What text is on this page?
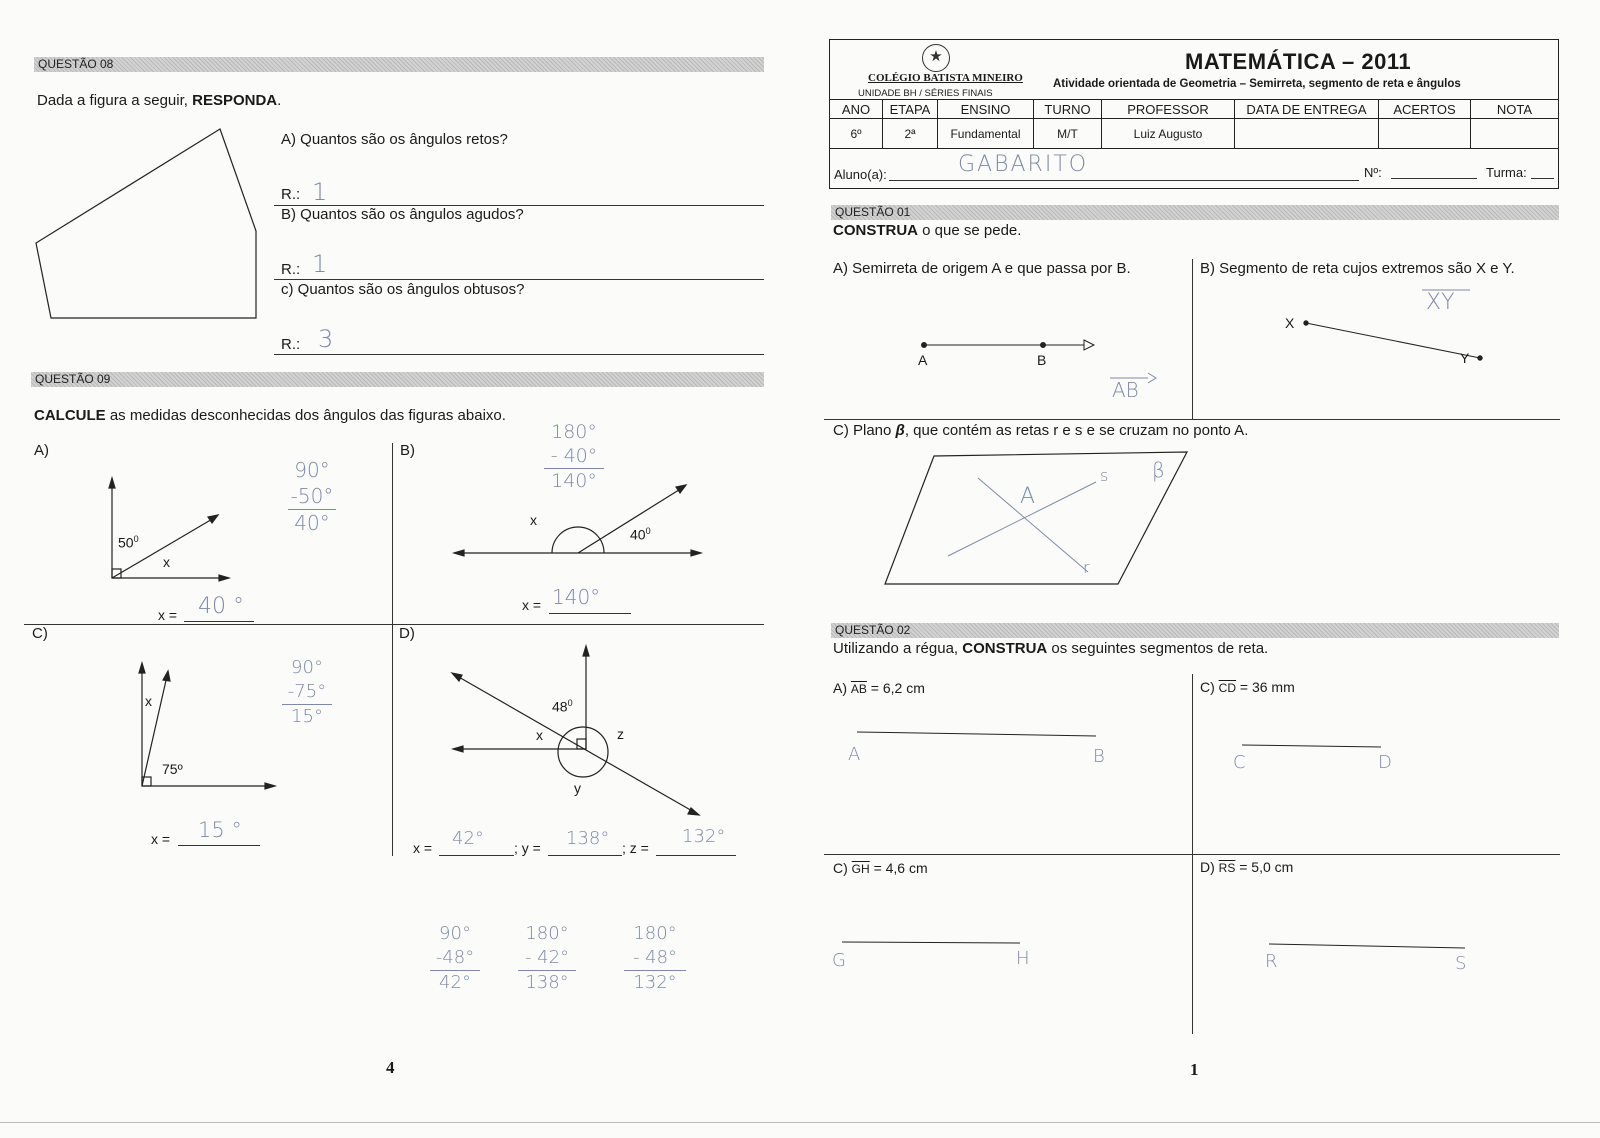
QUESTÃO 08
Dada a figura a seguir, RESPONDA.
A) Quantos são os ângulos retos?
R.: 1
B) Quantos são os ângulos agudos?
R.: 1
c) Quantos são os ângulos obtusos?
R.: 3
QUESTÃO 09
CALCULE as medidas desconhecidas dos ângulos das figuras abaixo.
A)
$50^0$
x
90°
-50°
40°
x = 40 °
B)
180°
- 40°
140°
x
$40^0$
x = 140°
C)
x
75º
90°
-75°
15°
x = 15 °
D)
$48^0$
x	z
y
x = 42° ; y = 138° ; z =
132°
90°
-48°
42°
180°
- 42°
138°
180°
- 48°
132°
4
★
COLÉGIO BATISTA MINEIRO
UNIDADE BH / SÉRIES FINAIS
MATEMÁTICA – 2011
Atividade orientada de Geometria – Semirreta, segmento de reta e ângulos
ANO	ETAPA	ENSINO	TURNO	PROFESSOR	DATA DE ENTREGA	ACERTOS	NOTA
6º	2ª	Fundamental	M/T	Luiz Augusto			
Aluno(a):	GABARITO	Nº:	Turma:
QUESTÃO 01
CONSTRUA o que se pede.
A) Semirreta de origem A e que passa por B.
A	B
AB
B) Segmento de reta cujos extremos são X e Y.
X
Y
XY
C) Plano β, que contém as retas r e s e se cruzam no ponto A.
A
s
r
β
QUESTÃO 02
Utilizando a régua, CONSTRUA os seguintes segmentos de reta.
A) $\overline{AB} = 6,2$ cm
A	B
C) $\overline{CD} = 36$ mm
C	D
C) $\overline{GH} = 4,6$ cm
G	H
D) $\overline{RS} = 5,0$ cm
R	S
1
